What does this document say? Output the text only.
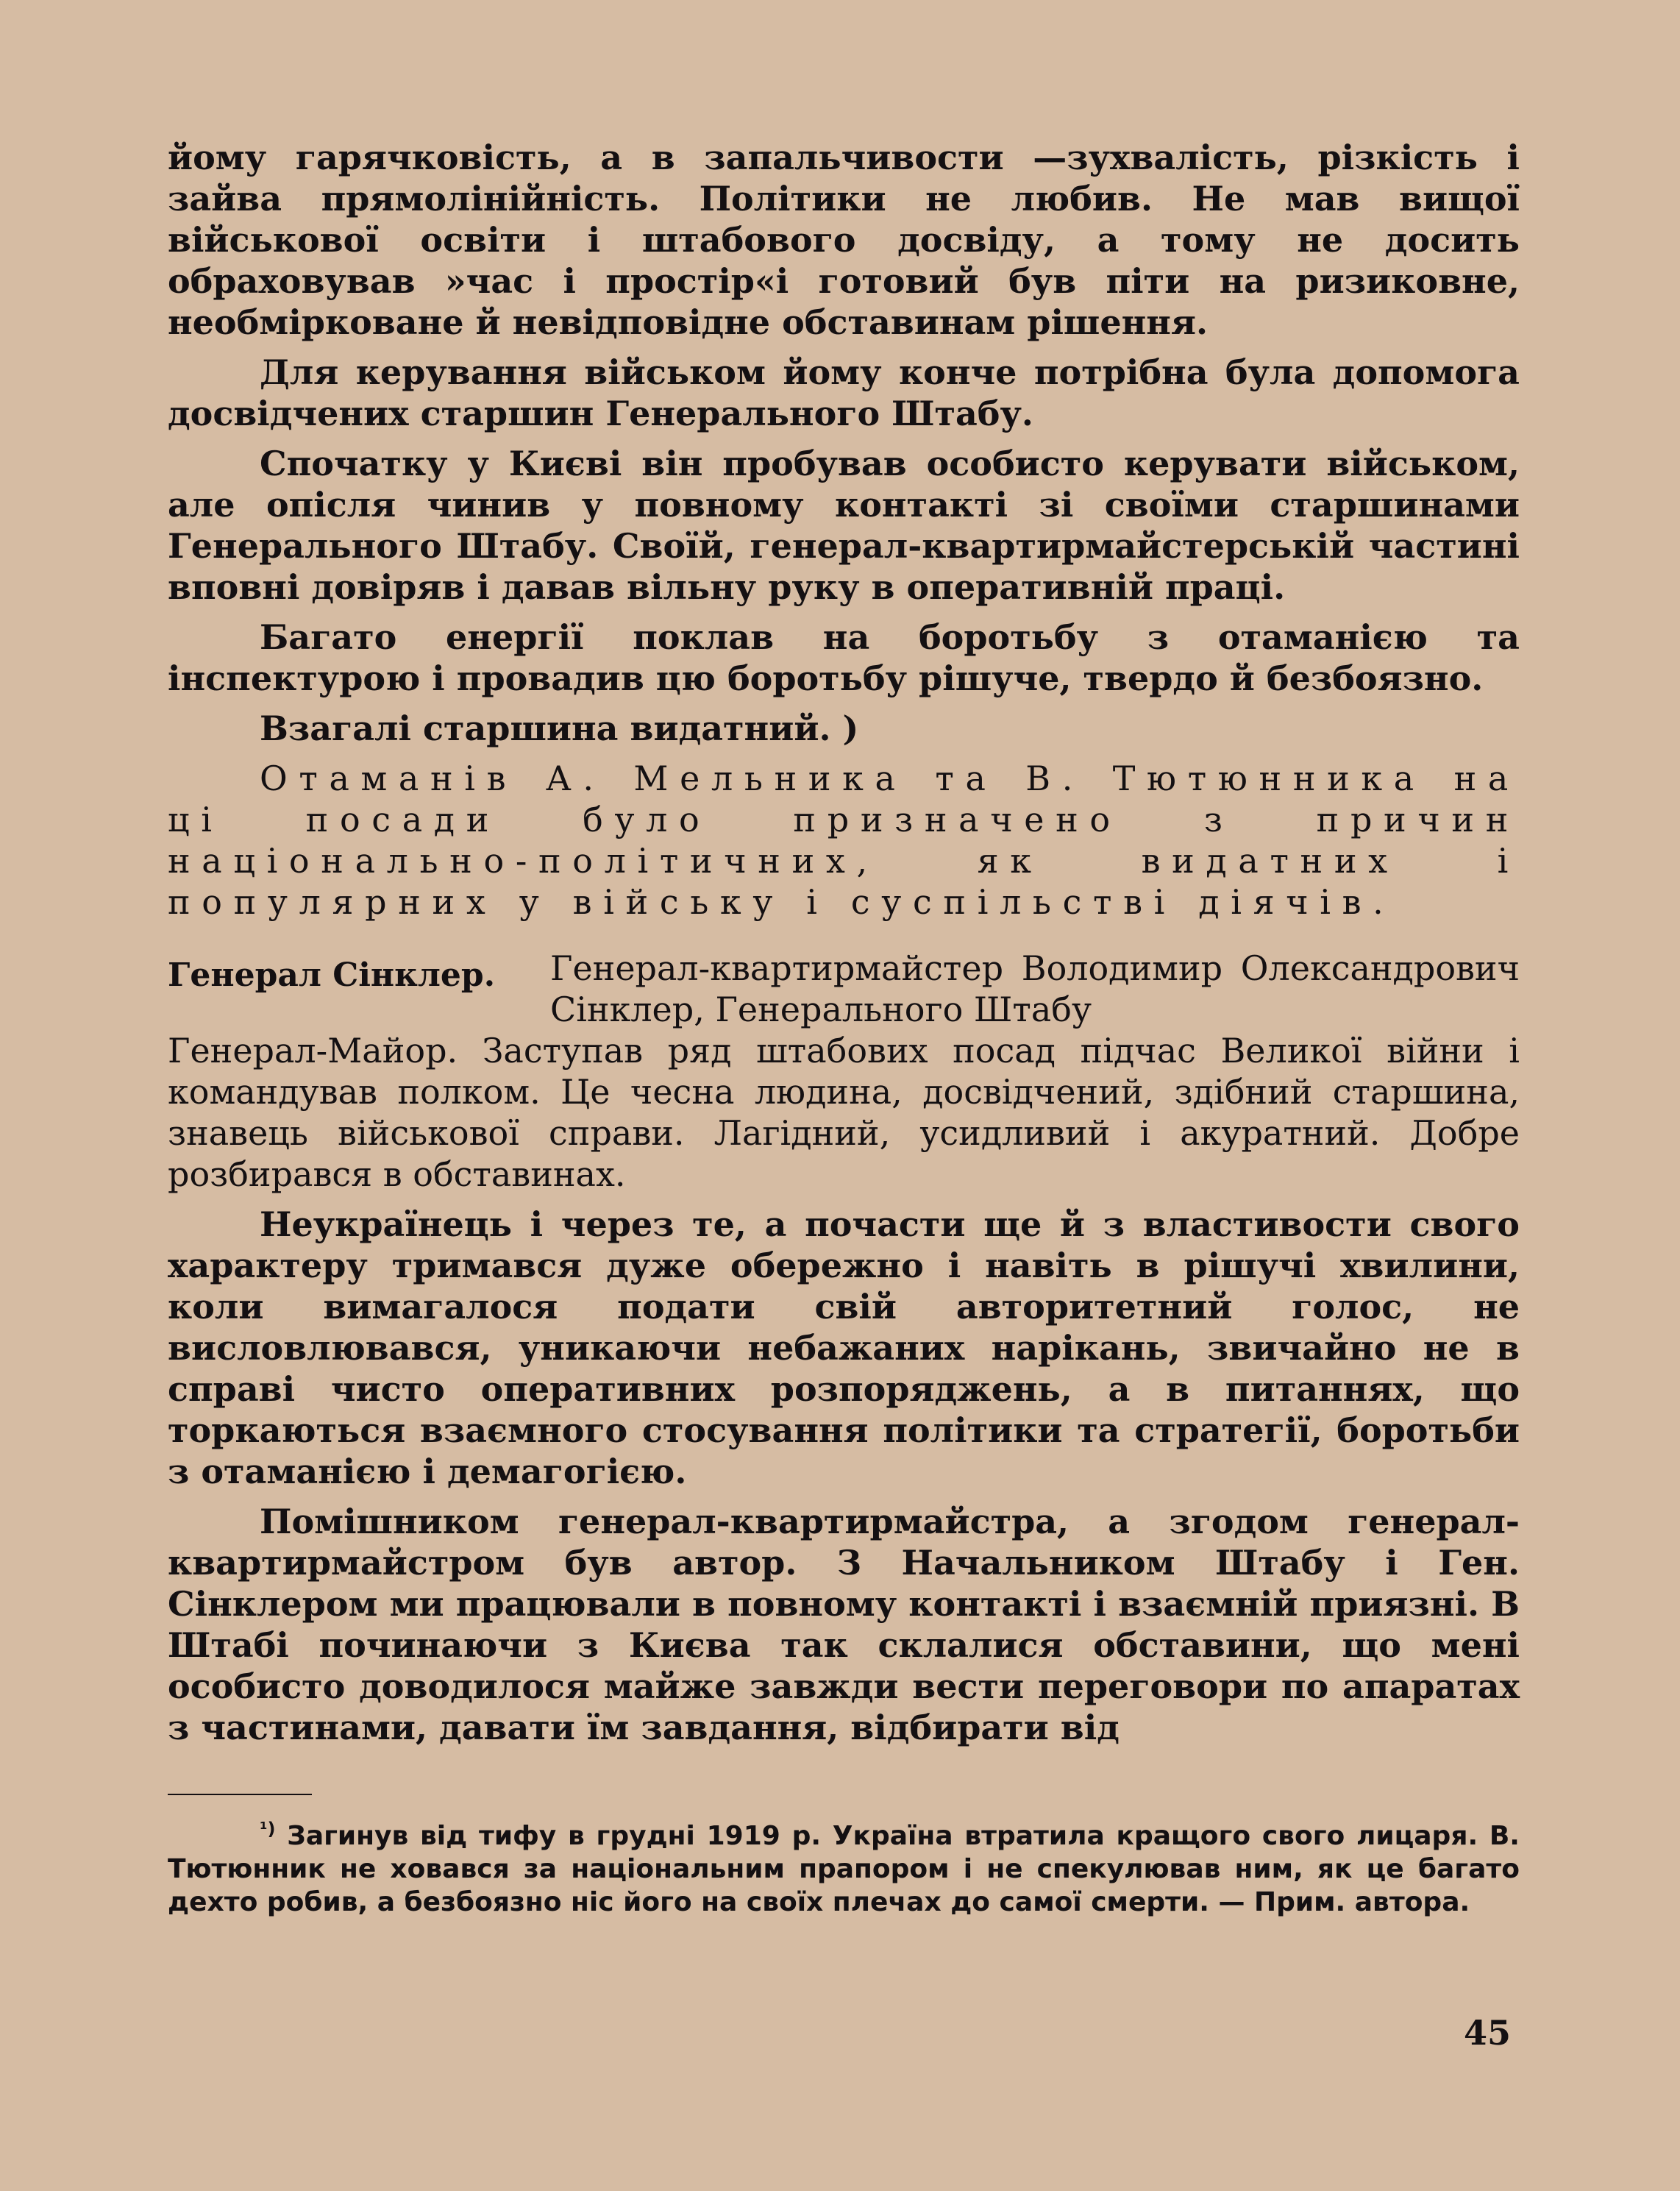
йому гарячковість, а в запальчивости —зухвалість, різкість і зайва прямолінійність. Політики не любив. Не мав вищої військової освіти і штабового досвіду, а тому не досить обраховував »час і простір«і готовий був піти на ризиковне, необмірковане й невідповідне обставинам рішення.

Для керування військом йому конче потрібна була допомога досвідчених старшин Генерального Штабу.

Спочатку у Києві він пробував особисто керувати військом, але опісля чинив у повному контакті зі своїми старшинами Генерального Штабу. Своїй, генерал-квартирмайстерській частині вповні довіряв і давав вільну руку в оперативній праці.

Багато енергії поклав на боротьбу з отаманією та інспектурою і провадив цю боротьбу рішуче, твердо й безбоязно.

Взагалі старшина видатний. )

Отаманів А. Мельника та В. Тютюнника на ці посади було призначено з причин національно-політичних, як видатних і популярних у війську і суспільстві діячів.

Генерал Сінклер.	Генерал-квартирмайстер Володимир Олександрович Сінклер, Генерального Штабу

Генерал-Майор. Заступав ряд штабових посад підчас Великої війни і командував полком. Це чесна людина, досвідчений, здібний старшина, знавець військової справи. Лагідний, усидливий і акуратний. Добре розбирався в обставинах.

Неукраїнець і через те, а почасти ще й з властивости свого характеру тримався дуже обережно і навіть в рішучі хвилини, коли вимагалося подати свій авторитетний голос, не висловлювався, уникаючи небажаних нарікань, звичайно не в справі чисто оперативних розпоряджень, а в питаннях, що торкаються взаємного стосування політики та стратегії, боротьби з отаманією і демагогією.

Помішником генерал-квартирмайстра, а згодом генерал-квартирмайстром був автор. З Начальником Штабу і Ген. Сінклером ми працювали в повному контакті і взаємній приязні. В Штабі починаючи з Києва так склалися обставини, що мені особисто доводилося майже завжди вести переговори по апаратах з частинами, давати їм завдання, відбирати від

$^{^1)}$ Загинув від тифу в грудні 1919 р. Україна втратила кращого свого лицаря. В. Тютюнник не ховався за національним прапором і не спекулював ним, як це багато дехто робив, а безбоязно ніс його на своїх плечах до самої смерти. — Прим. автора.

45
